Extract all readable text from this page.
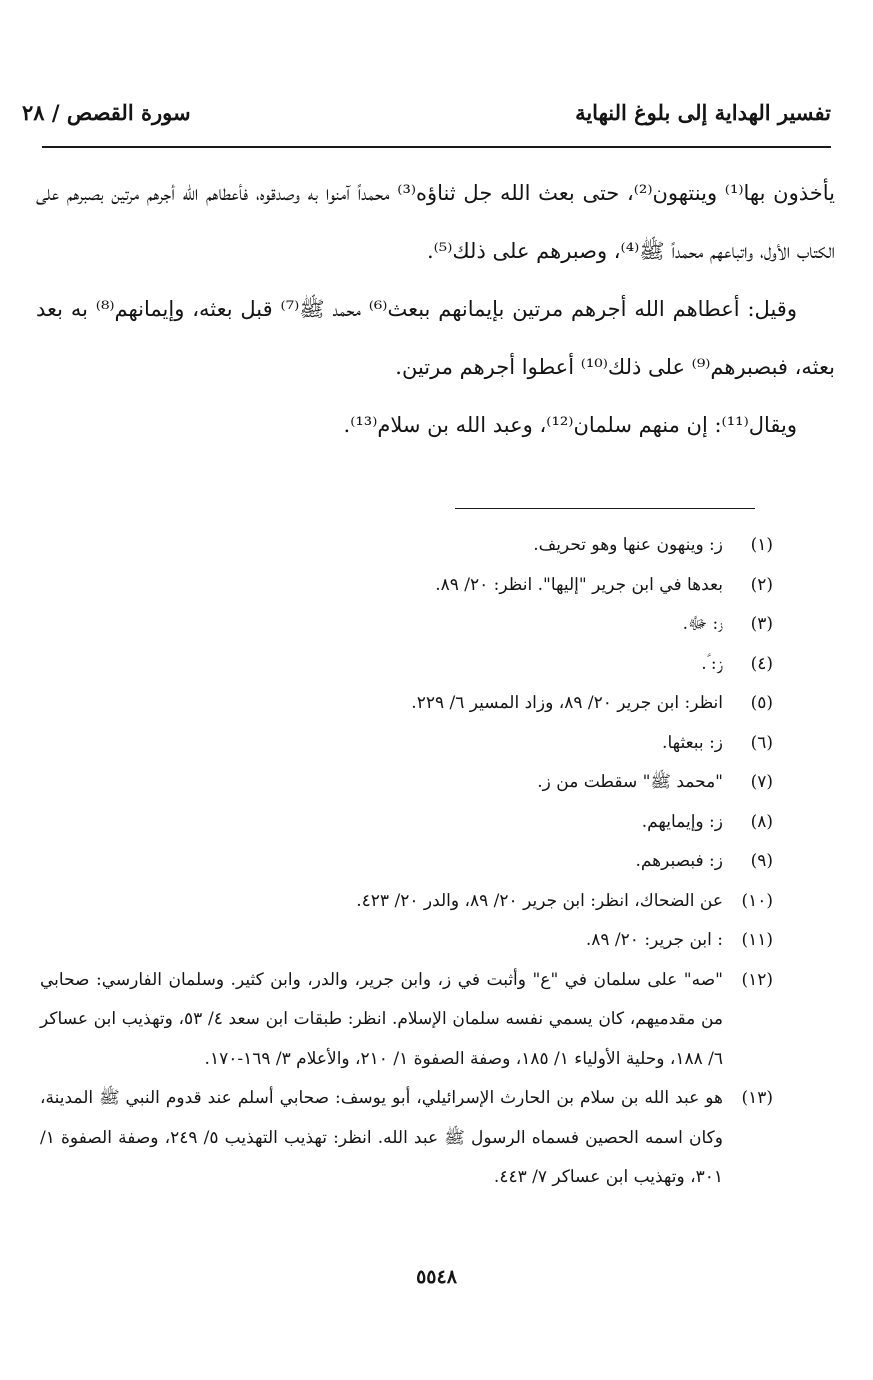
تفسير الهداية إلى بلوغ النهاية
سورة القصص / ٢٨

يأخذون بها⁽¹⁾ وينتهون⁽²⁾، حتى بعث الله جل ثناؤه⁽³⁾ محمداً آمنوا به وصدقوه، فأعطاهم الله أجرهم مرتين بصبرهم على الكتاب الأول، واتباعهم محمداً ﷺ⁽⁴⁾، وصبرهم على ذلك⁽⁵⁾.

وقيل: أعطاهم الله أجرهم مرتين بإيمانهم ببعث⁽⁶⁾ محمد ﷺ⁽⁷⁾ قبل بعثه، وإيمانهم⁽⁸⁾ به بعد بعثه، فبصبرهم⁽⁹⁾ على ذلك⁽¹⁰⁾ أعطوا أجرهم مرتين.

ويقال⁽¹¹⁾: إن منهم سلمان⁽¹²⁾، وعبد الله بن سلام⁽¹³⁾.

(١)
ز: وينهون عنها وهو تحريف.
(٢)
بعدها في ابن جرير "إليها". انظر: ٢٠/ ٨٩.
(٣)
ز: ﷻ.
(٤)
ز: ؑ.
(٥)
انظر: ابن جرير ٢٠/ ٨٩، وزاد المسير ٦/ ٢٢٩.
(٦)
ز: ببعثها.
(٧)
"محمد ﷺ" سقطت من ز.
(٨)
ز: وإيمايهم.
(٩)
ز: فبصبرهم.
(١٠)
عن الضحاك، انظر: ابن جرير ٢٠/ ٨٩، والدر ٢٠/ ٤٢٣.
(١١)
: ابن جرير: ٢٠/ ٨٩.
(١٢)
"صه" على سلمان في "ع" وأثبت في ز، وابن جرير، والدر، وابن كثير. وسلمان الفارسي: صحابي من مقدميهم، كان يسمي نفسه سلمان الإسلام. انظر: طبقات ابن سعد ٤/ ٥٣، وتهذيب ابن عساكر ٦/ ١٨٨، وحلية الأولياء ١/ ١٨٥، وصفة الصفوة ١/ ٢١٠، والأعلام ٣/ ١٦٩-١٧٠.
(١٣)
هو عبد الله بن سلام بن الحارث الإسرائيلي، أبو يوسف: صحابي أسلم عند قدوم النبي ﷺ المدينة، وكان اسمه الحصين فسماه الرسول ﷺ عبد الله. انظر: تهذيب التهذيب ٥/ ٢٤٩، وصفة الصفوة ١/ ٣٠١، وتهذيب ابن عساكر ٧/ ٤٤٣.
٥٥٤٨
